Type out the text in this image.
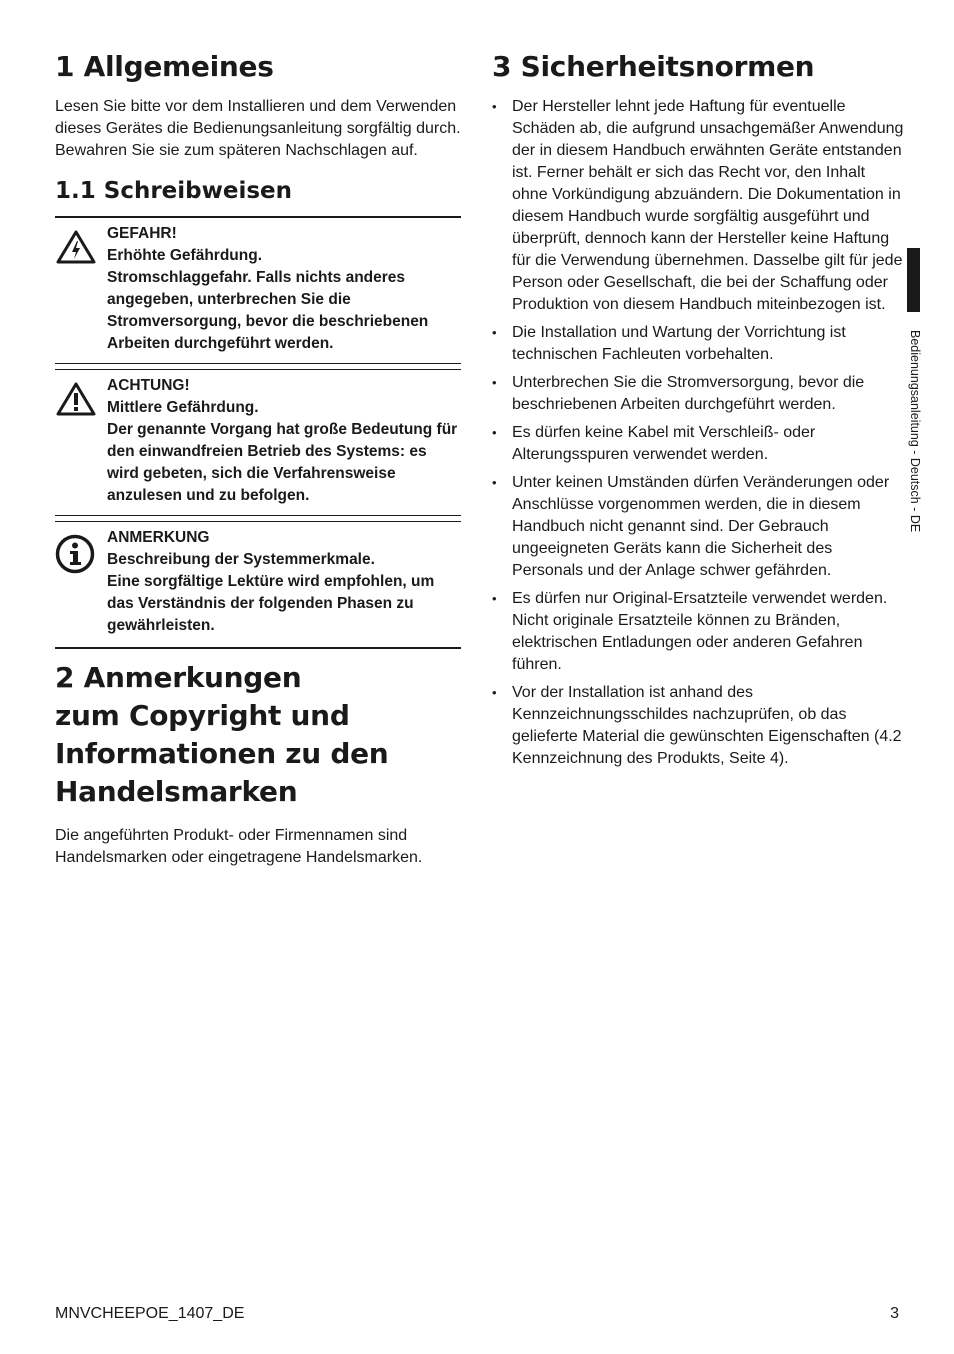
1 Allgemeines

Lesen Sie bitte vor dem Installieren und dem Verwenden dieses Gerätes die Bedienungsanleitung sorgfältig durch. Bewahren Sie sie zum späteren Nachschlagen auf.

1.1 Schreibweisen
GEFAHR!
Erhöhte Gefährdung.
Stromschlaggefahr. Falls nichts anderes angegeben, unterbrechen Sie die Stromversorgung, bevor die beschriebenen Arbeiten durchgeführt werden.
ACHTUNG!
Mittlere Gefährdung.
Der genannte Vorgang hat große Bedeutung für den einwandfreien Betrieb des Systems: es wird gebeten, sich die Verfahrensweise anzulesen und zu befolgen.
ANMERKUNG
Beschreibung der Systemmerkmale.
Eine sorgfältige Lektüre wird empfohlen, um das Verständnis der folgenden Phasen zu gewährleisten.
2 Anmerkungen
zum Copyright und
Informationen zu den
Handelsmarken

Die angeführten Produkt- oder Firmennamen sind Handelsmarken oder eingetragene Handelsmarken.

3 Sicherheitsnormen
• Der Hersteller lehnt jede Haftung für eventuelle Schäden ab, die aufgrund unsachgemäßer Anwendung der in diesem Handbuch erwähnten Geräte entstanden ist. Ferner behält er sich das Recht vor, den Inhalt ohne Vorkündigung abzuändern. Die Dokumentation in diesem Handbuch wurde sorgfältig ausgeführt und überprüft, dennoch kann der Hersteller keine Haftung für die Verwendung übernehmen. Dasselbe gilt für jede Person oder Gesellschaft, die bei der Schaffung oder Produktion von diesem Handbuch miteinbezogen ist.
• Die Installation und Wartung der Vorrichtung ist technischen Fachleuten vorbehalten.
• Unterbrechen Sie die Stromversorgung, bevor die beschriebenen Arbeiten durchgeführt werden.
• Es dürfen keine Kabel mit Verschleiß- oder Alterungsspuren verwendet werden.
• Unter keinen Umständen dürfen Veränderungen oder Anschlüsse vorgenommen werden, die in diesem Handbuch nicht genannt sind. Der Gebrauch ungeeigneten Geräts kann die Sicherheit des Personals und der Anlage schwer gefährden.
• Es dürfen nur Original-Ersatzteile verwendet werden. Nicht originale Ersatzteile können zu Bränden, elektrischen Entladungen oder anderen Gefahren führen.
• Vor der Installation ist anhand des Kennzeichnungsschildes nachzuprüfen, ob das gelieferte Material die gewünschten Eigenschaften (4.2 Kennzeichnung des Produkts, Seite 4).
Bedienungsanleitung - Deutsch - DE
MNVCHEEPOE_1407_DE	3
